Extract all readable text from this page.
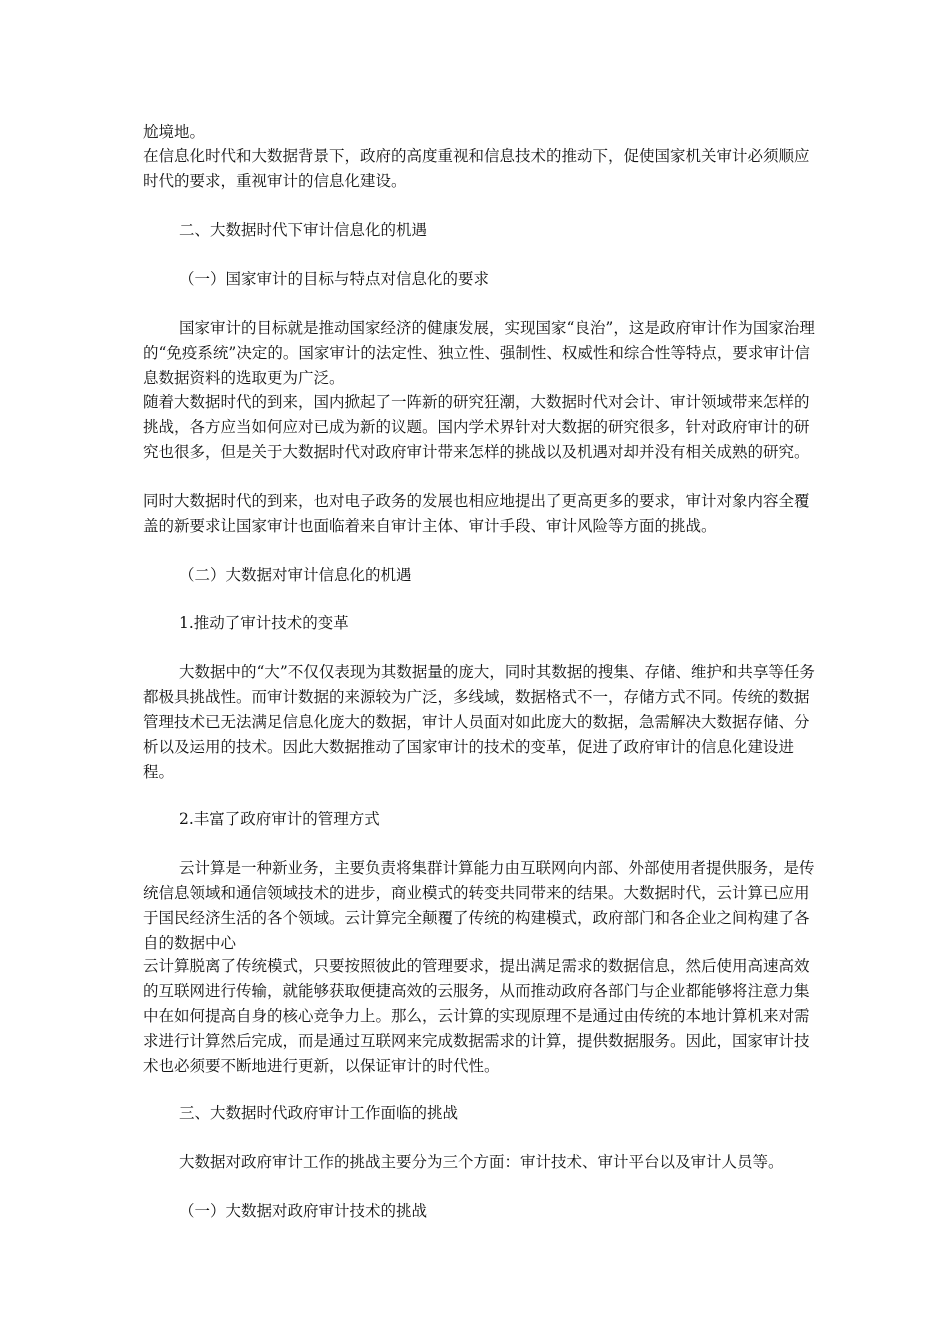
尬境地。

在信息化时代和大数据背景下，政府的高度重视和信息技术的推动下，促使国家机关审计必须顺应时代的要求，重视审计的信息化建设。

二、大数据时代下审计信息化的机遇

（一）国家审计的目标与特点对信息化的要求

国家审计的目标就是推动国家经济的健康发展，实现国家“良治”，这是政府审计作为国家治理的“免疫系统”决定的。国家审计的法定性、独立性、强制性、权威性和综合性等特点，要求审计信息数据资料的选取更为广泛。

随着大数据时代的到来，国内掀起了一阵新的研究狂潮，大数据时代对会计、审计领域带来怎样的挑战，各方应当如何应对已成为新的议题。国内学术界针对大数据的研究很多，针对政府审计的研究也很多，但是关于大数据时代对政府审计带来怎样的挑战以及机遇对却并没有相关成熟的研究。

同时大数据时代的到来，也对电子政务的发展也相应地提出了更高更多的要求，审计对象内容全覆盖的新要求让国家审计也面临着来自审计主体、审计手段、审计风险等方面的挑战。

（二）大数据对审计信息化的机遇

1.推动了审计技术的变革

大数据中的“大”不仅仅表现为其数据量的庞大，同时其数据的搜集、存储、维护和共享等任务都极具挑战性。而审计数据的来源较为广泛，多线域，数据格式不一，存储方式不同。传统的数据管理技术已无法满足信息化庞大的数据，审计人员面对如此庞大的数据，急需解决大数据存储、分析以及运用的技术。因此大数据推动了国家审计的技术的变革，促进了政府审计的信息化建设进程。

2.丰富了政府审计的管理方式

云计算是一种新业务，主要负责将集群计算能力由互联网向内部、外部使用者提供服务，是传统信息领域和通信领域技术的进步，商业模式的转变共同带来的结果。大数据时代，云计算已应用于国民经济生活的各个领域。云计算完全颠覆了传统的构建模式，政府部门和各企业之间构建了各自的数据中心

云计算脱离了传统模式，只要按照彼此的管理要求，提出满足需求的数据信息，然后使用高速高效的互联网进行传输，就能够获取便捷高效的云服务，从而推动政府各部门与企业都能够将注意力集中在如何提高自身的核心竞争力上。那么，云计算的实现原理不是通过由传统的本地计算机来对需求进行计算然后完成，而是通过互联网来完成数据需求的计算，提供数据服务。因此，国家审计技术也必须要不断地进行更新，以保证审计的时代性。

三、大数据时代政府审计工作面临的挑战

大数据对政府审计工作的挑战主要分为三个方面：审计技术、审计平台以及审计人员等。

（一）大数据对政府审计技术的挑战
